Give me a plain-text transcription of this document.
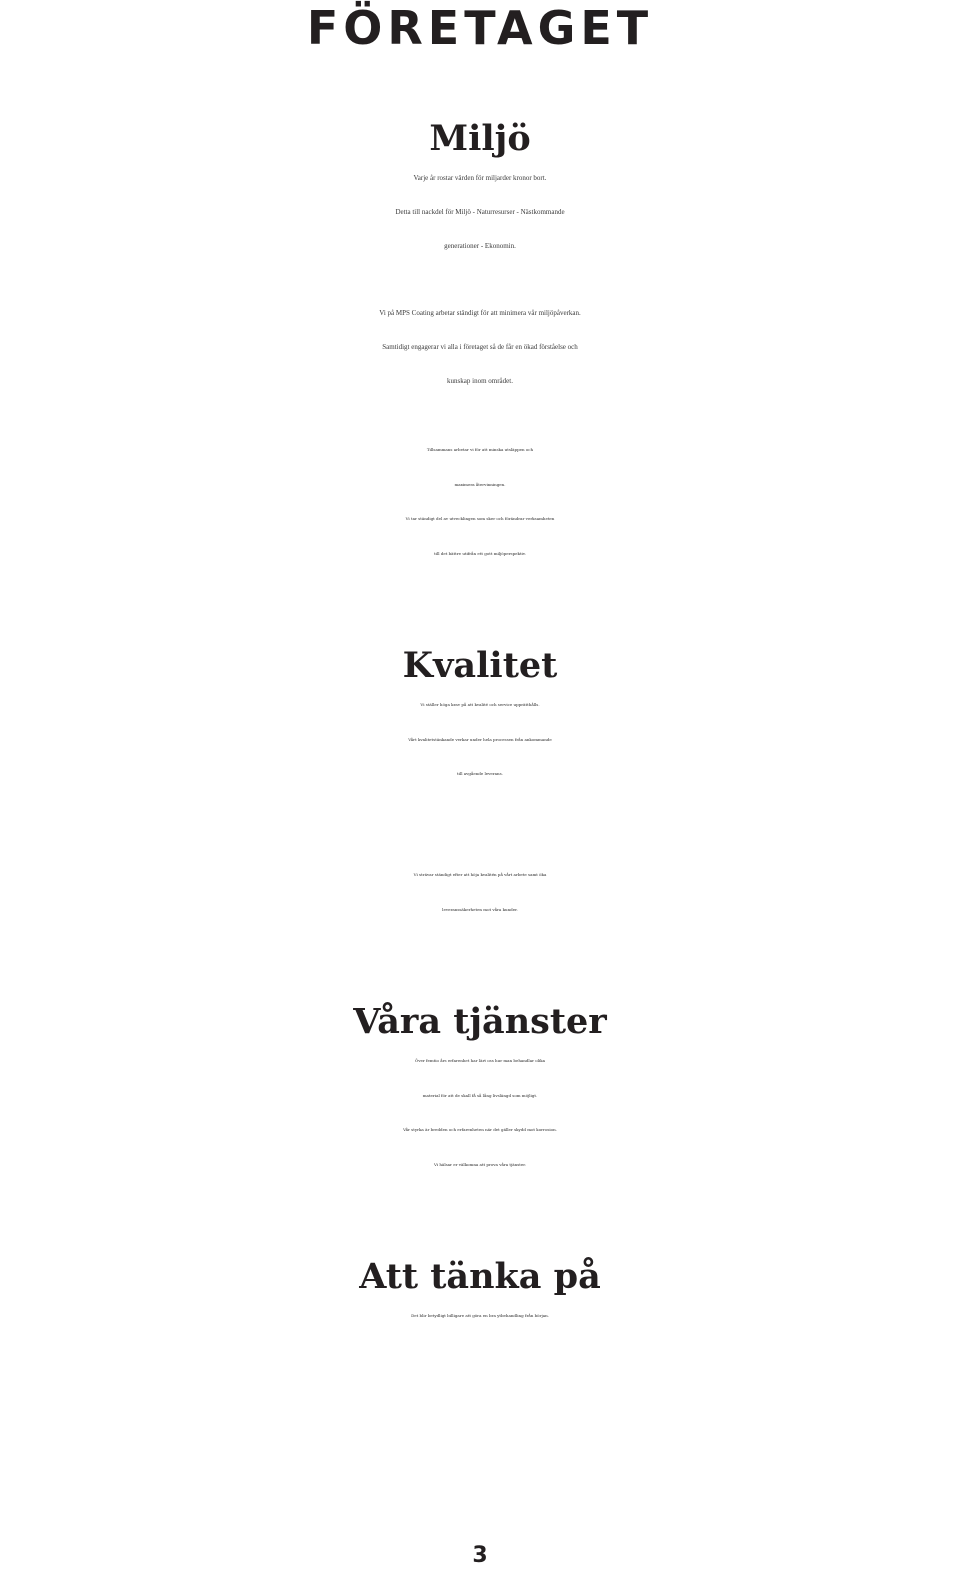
FÖRETAGET
Miljö

Varje år rostar värden för miljarder kronor bort.
Detta till nackdel för Miljö - Naturresurser - Nästkommande
generationer - Ekonomin.

Vi på MPS Coating arbetar ständigt för att minimera vår miljöpåverkan.
Samtidigt engagerar vi alla i företaget så de får en ökad förståelse och
kunskap inom området.

Tillsammans arbetar vi för att minska utsläppen och
maximera återvinningen.
Vi tar ständigt del av utvecklingen som sker och förändrar verksamheten
till det bättre utifrån ett gott miljöperspektiv.

Kvalitet

Vi ställer höga krav på att kvalité och service upprätthålls.
Vårt kvalitetstänkande verkar under hela processen från ankommande
till avgående leverans.

Vi strävar ständigt efter att höja kvalitén på vårt arbete samt öka
leveranssäkerheten mot våra kunder.

Våra tjänster

Över femtio års erfarenhet har lärt oss hur man behandlar olika
material för att de skall få så lång livslängd som möjligt.
Vår styrka är bredden och erfarenheten när det gäller skydd mot korrosion.
Vi hälsar er välkomna att prova våra tjänster.

Att tänka på

Det blir betydligt billigare att göra en bra ytbehandling från början.

3
